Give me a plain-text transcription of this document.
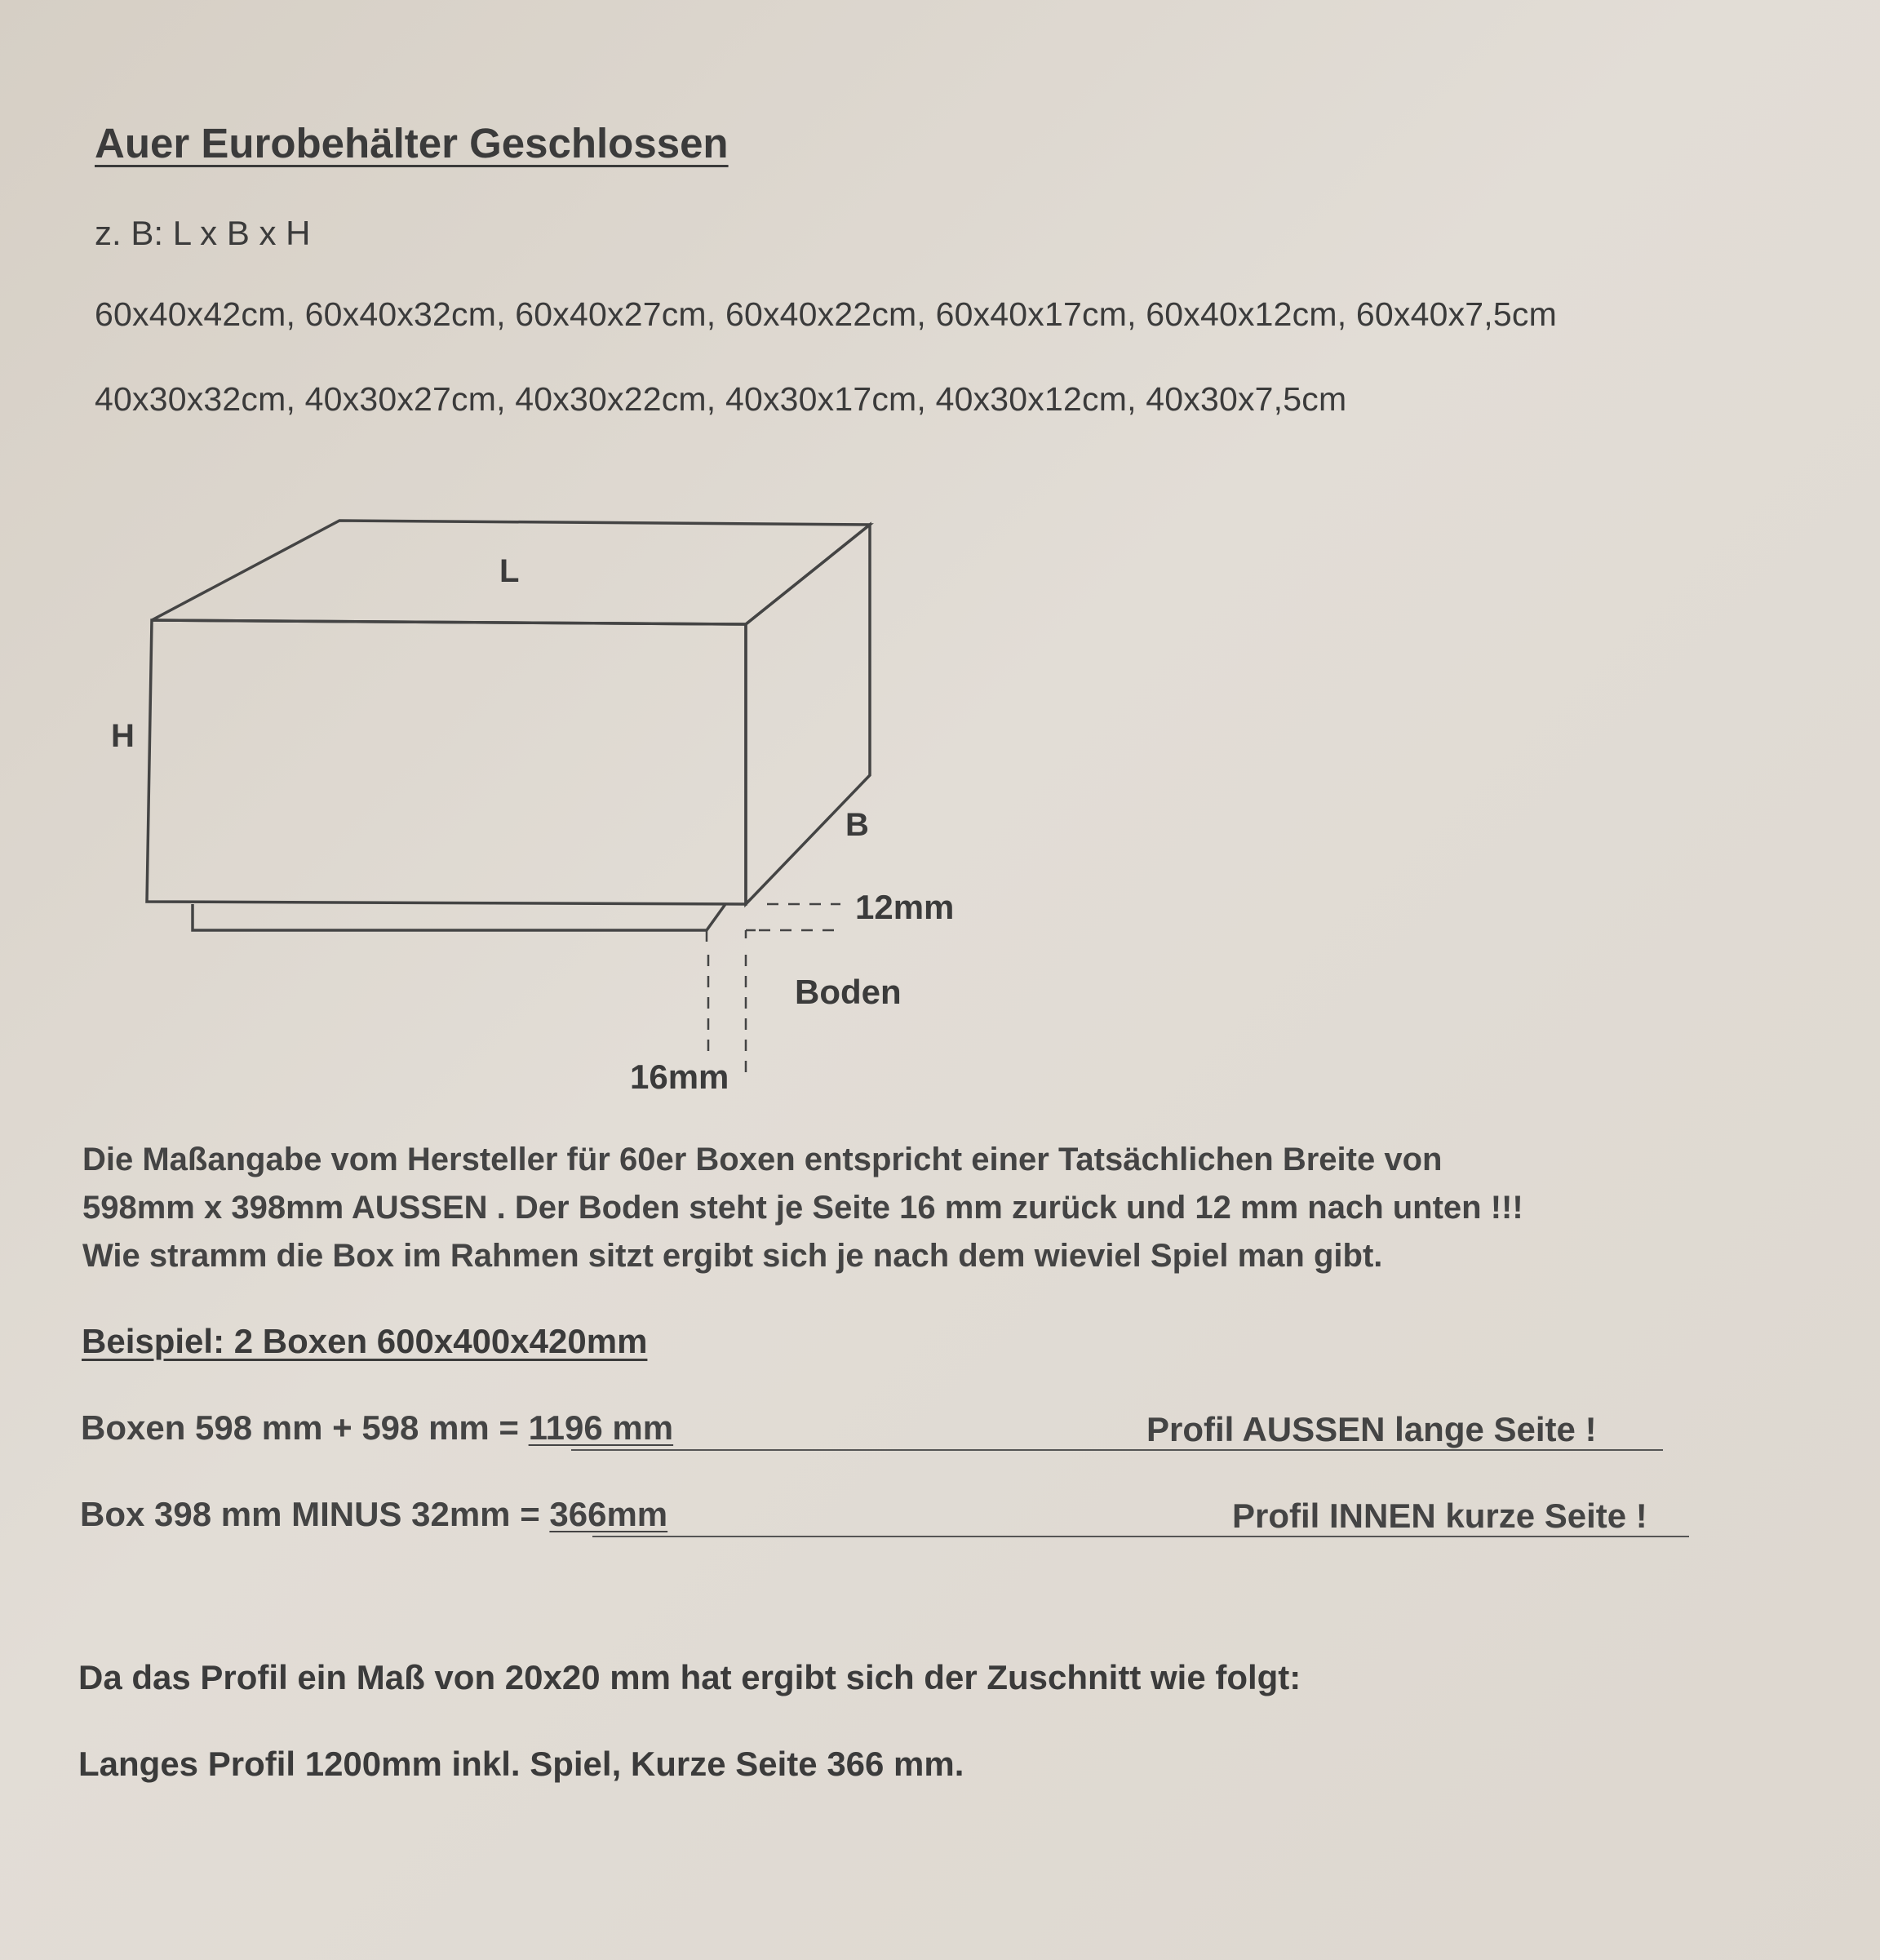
Auer Eurobehälter Geschlossen
z. B: L x B x H
60x40x42cm, 60x40x32cm, 60x40x27cm, 60x40x22cm, 60x40x17cm, 60x40x12cm, 60x40x7,5cm
40x30x32cm, 40x30x27cm, 40x30x22cm, 40x30x17cm, 40x30x12cm, 40x30x7,5cm
L
H
B
12mm
Boden
16mm
Die Maßangabe vom Hersteller für 60er Boxen entspricht einer Tatsächlichen Breite von
598mm x 398mm AUSSEN . Der Boden steht je Seite 16 mm zurück und 12 mm nach unten !!!
Wie stramm die Box im Rahmen sitzt ergibt sich je nach dem wieviel Spiel man gibt.
Beispiel: 2 Boxen 600x400x420mm
Boxen 598 mm + 598 mm = 1196 mm	Profil AUSSEN lange Seite !
Box 398 mm MINUS 32mm = 366mm	Profil INNEN kurze Seite !
Da das Profil ein Maß von 20x20 mm hat ergibt sich der Zuschnitt wie folgt:
Langes Profil 1200mm inkl. Spiel, Kurze Seite 366 mm.
